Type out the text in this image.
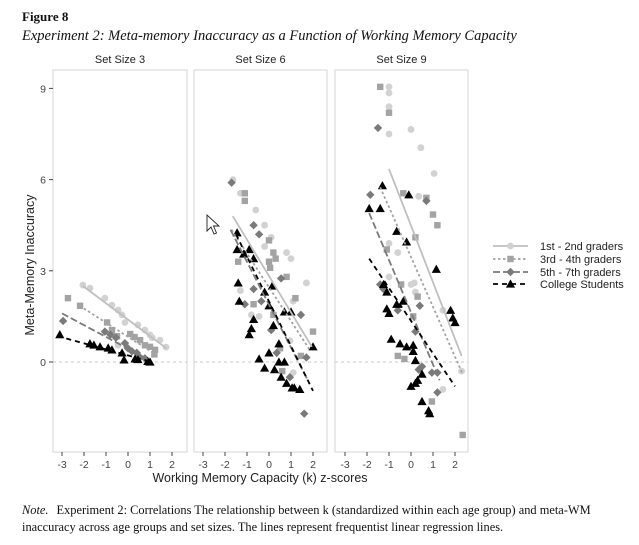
Figure 8
Experiment 2: Meta-memory Inaccuracy as a Function of Working Memory Capacity
Set Size 3
-3 -2 -1 0 1 2
Set Size 6
-3 -2 -1 0 1 2
Set Size 9
-3 -2 -1 0 1 2
0
3
6
9
Meta-Memory Inaccuracy
Working Memory Capacity (k) z-scores
1st - 2nd graders
3rd - 4th graders
5th - 7th graders
College Students
Note. Experiment 2: Correlations The relationship between k (standardized within each age group) and meta-WM inaccuracy across age groups and set sizes. The lines represent frequentist linear regression lines.
